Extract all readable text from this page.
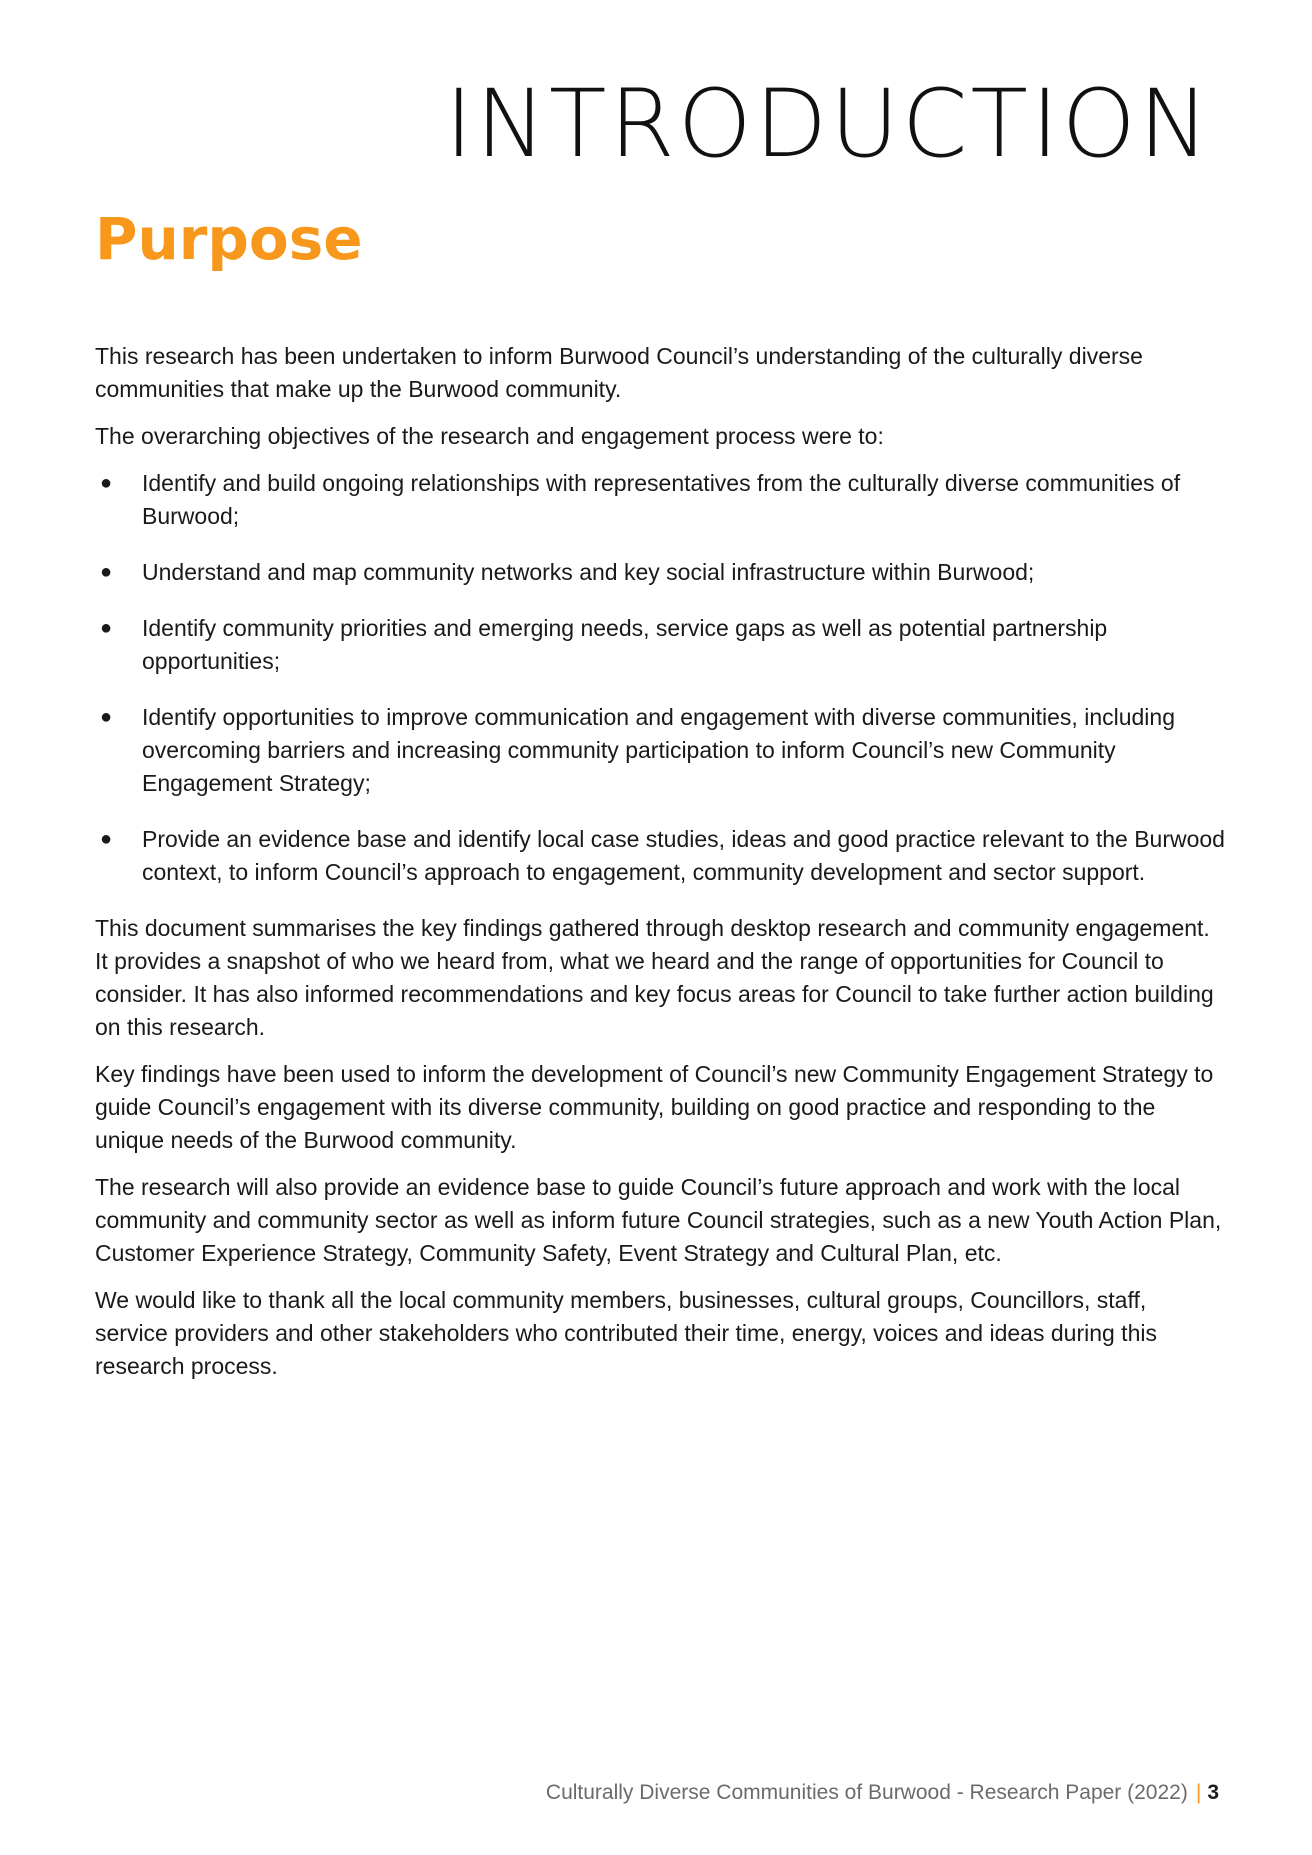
INTRODUCTION
Purpose

This research has been undertaken to inform Burwood Council’s understanding of the culturally diverse communities that make up the Burwood community.

The overarching objectives of the research and engagement process were to:

● Identify and build ongoing relationships with representatives from the culturally diverse communities of Burwood;
● Understand and map community networks and key social infrastructure within Burwood;
● Identify community priorities and emerging needs, service gaps as well as potential partnership opportunities;
● Identify opportunities to improve communication and engagement with diverse communities, including overcoming barriers and increasing community participation to inform Council’s new Community Engagement Strategy;
● Provide an evidence base and identify local case studies, ideas and good practice relevant to the Burwood context, to inform Council’s approach to engagement, community development and sector support.

This document summarises the key findings gathered through desktop research and community engagement. It provides a snapshot of who we heard from, what we heard and the range of opportunities for Council to consider. It has also informed recommendations and key focus areas for Council to take further action building on this research.

Key findings have been used to inform the development of Council’s new Community Engagement Strategy to guide Council’s engagement with its diverse community, building on good practice and responding to the unique needs of the Burwood community.

The research will also provide an evidence base to guide Council’s future approach and work with the local community and community sector as well as inform future Council strategies, such as a new Youth Action Plan, Customer Experience Strategy, Community Safety, Event Strategy and Cultural Plan, etc.

We would like to thank all the local community members, businesses, cultural groups, Councillors, staff, service providers and other stakeholders who contributed their time, energy, voices and ideas during this research process.

Culturally Diverse Communities of Burwood - Research Paper (2022) | 3
